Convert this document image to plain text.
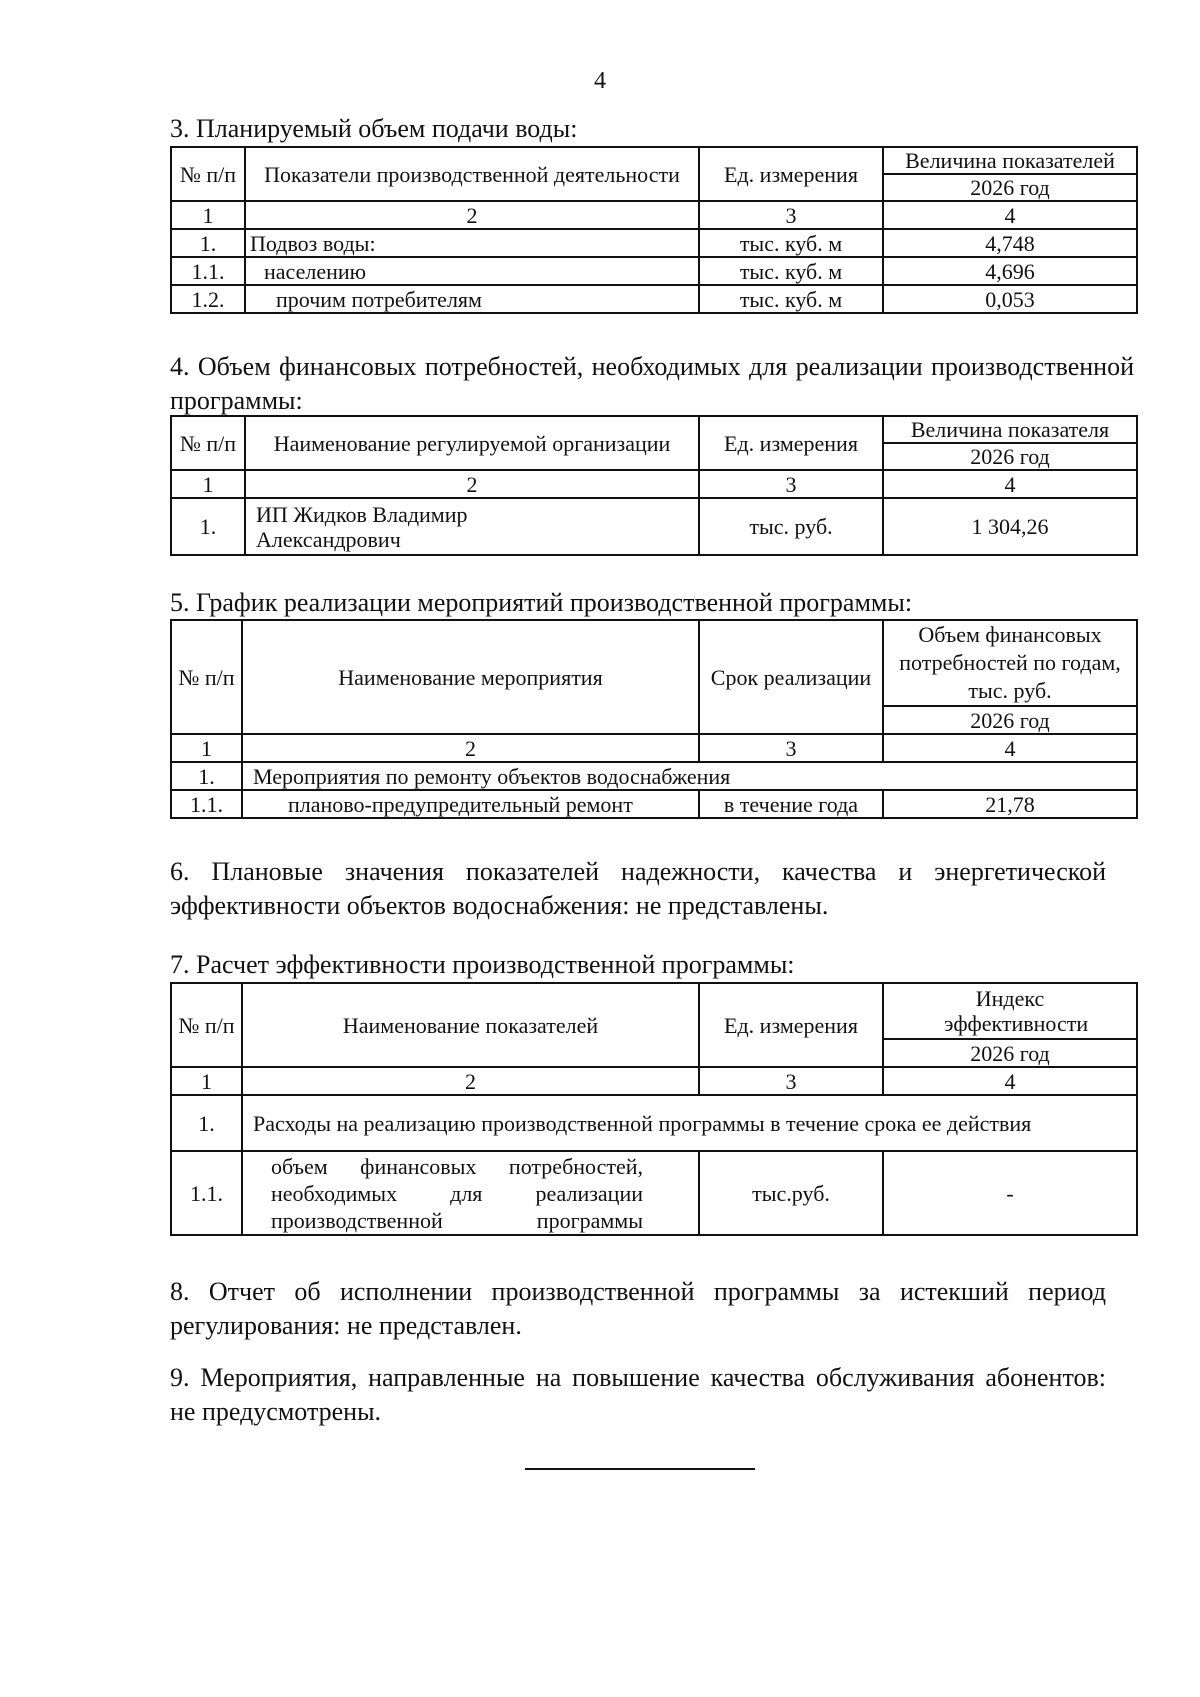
4
3. Планируемый объем подачи воды:
№ п/п	Показатели производственной деятельности	Ед. измерения	Величина показателей
			2026 год
1	2	3	4
1.	Подвоз воды:	тыс. куб. м	4,748
1.1.	населению	тыс. куб. м	4,696
1.2.	прочим потребителям	тыс. куб. м	0,053
4. Объем финансовых потребностей, необходимых для реализации производственной программы:
№ п/п	Наименование регулируемой организации	Ед. измерения	Величина показателя
			2026 год
1	2	3	4
1.	ИП Жидков Владимир Александрович	тыс. руб.	1 304,26
5. График реализации мероприятий производственной программы:
№ п/п	Наименование мероприятия	Срок реализации	Объем финансовых потребностей по годам, тыс. руб.
			2026 год
1	2	3	4
1.	Мероприятия по ремонту объектов водоснабжения		
1.1.	планово-предупредительный ремонт	в течение года	21,78
6. Плановые значения показателей надежности, качества и энергетической эффективности объектов водоснабжения: не представлены.
7. Расчет эффективности производственной программы:
№ п/п	Наименование показателей	Ед. измерения	Индекс эффективности
			2026 год
1	2	3	4
1.	Расходы на реализацию производственной программы в течение срока ее действия		
1.1.	объем финансовых потребностей, необходимых для реализации производственной программы	тыс.руб.	-
8. Отчет об исполнении производственной программы за истекший период регулирования: не представлен.
9. Мероприятия, направленные на повышение качества обслуживания абонентов: не предусмотрены.
